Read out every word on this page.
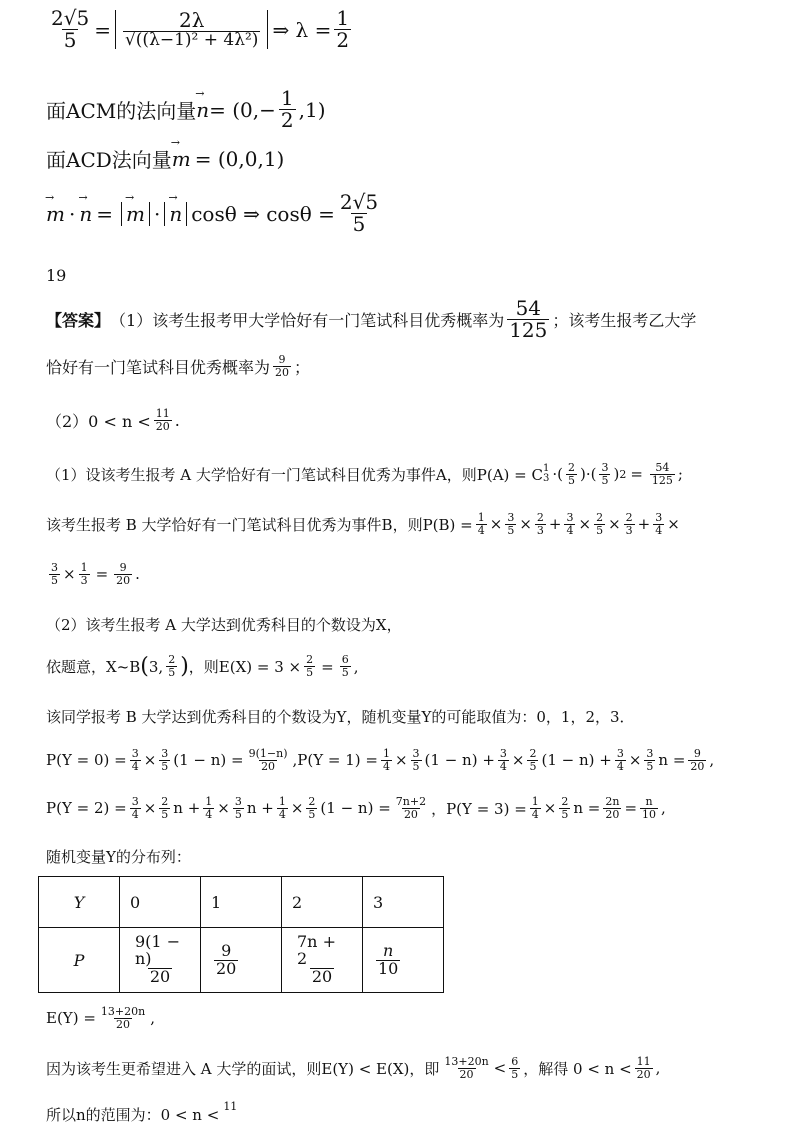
$\frac{2√5}{5} = \frac{2\lambda}{\text{√((λ−1)² + 4λ²)}}$ ⇒ $\lambda = \frac{1}{2}$
面ACM的法向量 → $n = (0,- \frac{1}{2} ,1)$
面ACD法向量 → m = (0,0,1)
→ m · → n = → m · → n cosθ ⇒ $\cos\theta = \frac{2√5}{5}$
19
【答案】 （1）该考生报考甲大学恰好有一门笔试科目优秀概率为 $\frac{54}{125}$ ；该考生报考乙大学
恰好有一门笔试科目优秀概率为 $\frac{9}{20}$ ；
$(2)0 < n < \frac{11}{20}$ .
（1）设该考生报考 A 大学恰好有一门笔试科目优秀为事件A，则P(A) = C 1
3 · ( $\frac{2}{5}$ ) · ( $\frac{3}{5}$ ) $2 = \frac{54}{125}$ ;
该考生报考 B 大学恰好有一门笔试科目优秀为事件B，则$P(B) = \frac{1}{4} \times \frac{3}{5} \times \frac{2}{3} + \frac{3}{4} \times \frac{2}{5} \times \frac{2}{3} + \frac{3}{4}$ ×
$\frac{3}{5} \times \frac{1}{3} = \frac{9}{20}$ .
（2）该考生报考 A 大学达到优秀科目的个数设为X，
依题意，X~B ( 3, $\frac{2}{5}$ ) ，则$E(X) = 3 \times \frac{2}{5} = \frac{6}{5}$ ,
该同学报考 B 大学达到优秀科目的个数设为Y，随机变量Y的可能取值为：0，1，2，3．
$P(Y = 0) = \frac{3}{4} \times \frac{3}{5} (1 - n) = \frac{9(1-n)}{20} ,P(Y = 1) = \frac{1}{4} \times \frac{3}{5} (1 - n) + \frac{3}{4} \times \frac{2}{5} (1 - n) + \frac{3}{4} \times \frac{3}{5}$ $n = \frac{9}{20}$ ,
$P(Y = 2) = \frac{3}{4} \times \frac{2}{5}$ $n + \frac{1}{4} \times \frac{3}{5}$ $n + \frac{1}{4} \times \frac{2}{5} (1 - n) = \frac{7n+2}{20}$ ，$P(Y = 3) = \frac{1}{4} \times \frac{2}{5}$ $n = \frac{2n}{20} = \frac{n}{10}$ ,
随机变量Y的分布列：
Y	0	1	2	3
P	$\frac{9(1 - n)}{20}$	$\frac{9}{20}$	$\frac{7n + 2}{20}$	$\frac{n}{10}$
$E(Y) = \frac{13+20n}{20}$ ,
因为该考生更希望进入 A 大学的面试，则E(Y) < E(X)，即 $\frac{13+20n}{20} < \frac{6}{5}$ ，解得 $0 < n < \frac{11}{20}$ ,
所以n的范围为：0 < n < 11
